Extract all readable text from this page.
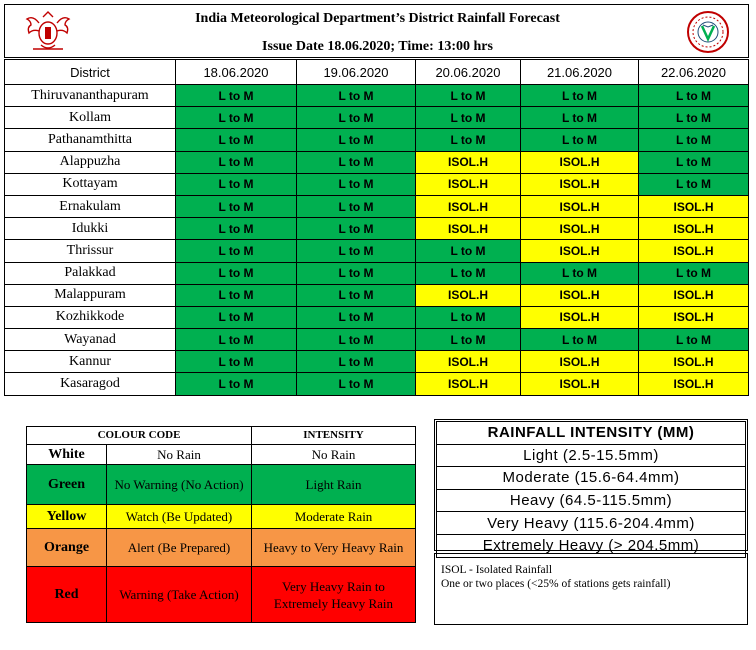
India Meteorological Department’s District Rainfall Forecast
Issue Date 18.06.2020; Time: 13:00 hrs
District	18.06.2020	19.06.2020	20.06.2020	21.06.2020	22.06.2020
Thiruvananthapuram	L to M	L to M	L to M	L to M	L to M
Kollam	L to M	L to M	L to M	L to M	L to M
Pathanamthitta	L to M	L to M	L to M	L to M	L to M
Alappuzha	L to M	L to M	ISOL.H	ISOL.H	L to M
Kottayam	L to M	L to M	ISOL.H	ISOL.H	L to M
Ernakulam	L to M	L to M	ISOL.H	ISOL.H	ISOL.H
Idukki	L to M	L to M	ISOL.H	ISOL.H	ISOL.H
Thrissur	L to M	L to M	L to M	ISOL.H	ISOL.H
Palakkad	L to M	L to M	L to M	L to M	L to M
Malappuram	L to M	L to M	ISOL.H	ISOL.H	ISOL.H
Kozhikkode	L to M	L to M	L to M	ISOL.H	ISOL.H
Wayanad	L to M	L to M	L to M	L to M	L to M
Kannur	L to M	L to M	ISOL.H	ISOL.H	ISOL.H
Kasaragod	L to M	L to M	ISOL.H	ISOL.H	ISOL.H
COLOUR CODE		INTENSITY
White	No Rain	No Rain
Green	No Warning (No Action)	Light Rain
Yellow	Watch (Be Updated)	Moderate Rain
Orange	Alert (Be Prepared)	Heavy to Very Heavy Rain
Red	Warning (Take Action)	Very Heavy Rain to Extremely Heavy Rain
RAINFALL INTENSITY (MM)
Light (2.5-15.5mm)
Moderate (15.6-64.4mm)
Heavy (64.5-115.5mm)
Very Heavy (115.6-204.4mm)
Extremely Heavy (> 204.5mm)
ISOL - Isolated Rainfall
One or two places (<25% of stations gets rainfall)
